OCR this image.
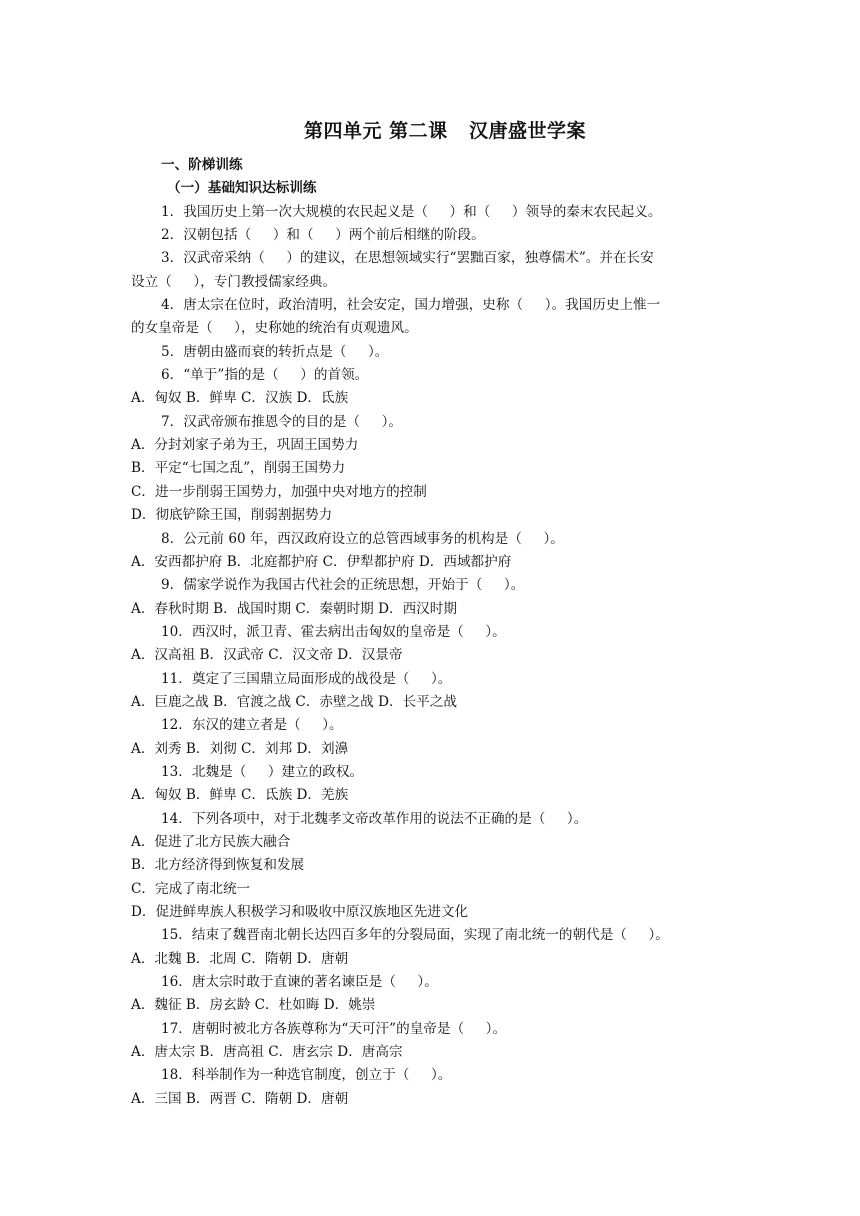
第四单元 第二课   汉唐盛世学案
一、阶梯训练
（一）基础知识达标训练
1．我国历史上第一次大规模的农民起义是（     ）和（     ）领导的秦末农民起义。
2．汉朝包括（     ）和（     ）两个前后相继的阶段。
3．汉武帝采纳（     ）的建议，在思想领域实行“罢黜百家，独尊儒术”。并在长安
设立（     ），专门教授儒家经典。
4．唐太宗在位时，政治清明，社会安定，国力增强，史称（     ）。我国历史上惟一
的女皇帝是（     ），史称她的统治有贞观遗风。
5．唐朝由盛而衰的转折点是（     ）。
6．“单于”指的是（     ）的首领。
A．匈奴 B．鲜卑 C．汉族 D．氐族
7．汉武帝颁布推恩令的目的是（     ）。
A．分封刘家子弟为王，巩固王国势力
B．平定“七国之乱”，削弱王国势力
C．进一步削弱王国势力，加强中央对地方的控制
D．彻底铲除王国，削弱割据势力
8．公元前 60 年，西汉政府设立的总管西域事务的机构是（     ）。
A．安西都护府 B．北庭都护府 C．伊犁都护府 D．西域都护府
9．儒家学说作为我国古代社会的正统思想，开始于（     ）。
A．春秋时期 B．战国时期 C．秦朝时期 D．西汉时期
10．西汉时，派卫青、霍去病出击匈奴的皇帝是（     ）。
A．汉高祖 B．汉武帝 C．汉文帝 D．汉景帝
11．奠定了三国鼎立局面形成的战役是（     ）。
A．巨鹿之战 B．官渡之战 C．赤壁之战 D．长平之战
12．东汉的建立者是（     ）。
A．刘秀 B．刘彻 C．刘邦 D．刘濞
13．北魏是（     ）建立的政权。
A．匈奴 B．鲜卑 C．氐族 D．羌族
14．下列各项中，对于北魏孝文帝改革作用的说法不正确的是（     ）。
A．促进了北方民族大融合
B．北方经济得到恢复和发展
C．完成了南北统一
D．促进鲜卑族人积极学习和吸收中原汉族地区先进文化
15．结束了魏晋南北朝长达四百多年的分裂局面，实现了南北统一的朝代是（     ）。
A．北魏 B．北周 C．隋朝 D．唐朝
16．唐太宗时敢于直谏的著名谏臣是（     ）。
A．魏征 B．房玄龄 C．杜如晦 D．姚崇
17．唐朝时被北方各族尊称为“天可汗”的皇帝是（     ）。
A．唐太宗 B．唐高祖 C．唐玄宗 D．唐高宗
18．科举制作为一种选官制度，创立于（     ）。
A．三国 B．两晋 C．隋朝 D．唐朝
